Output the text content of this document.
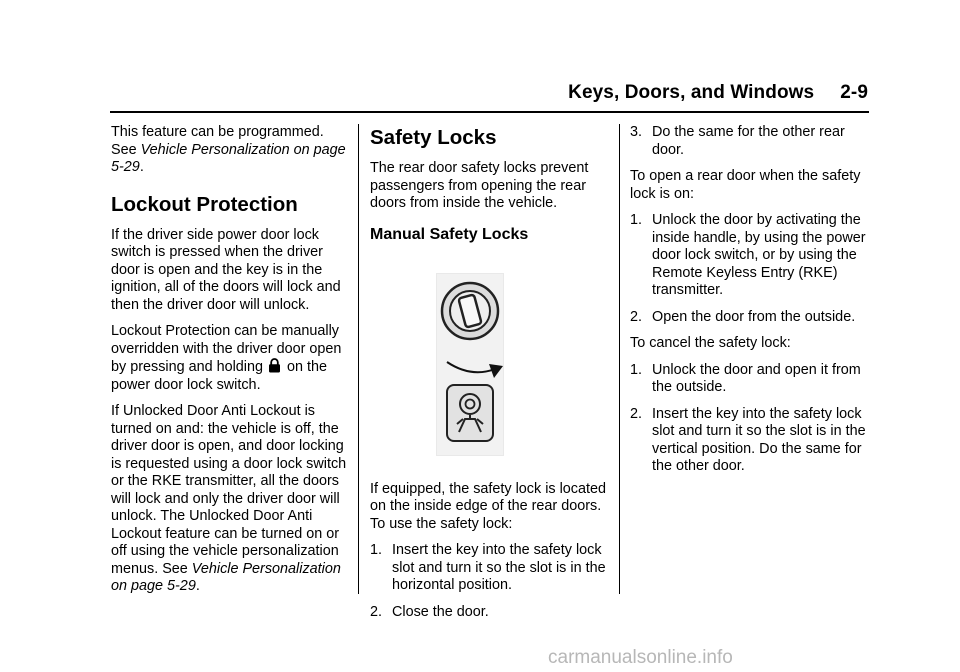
Keys, Doors, and Windows 2-9

This feature can be programmed.
See Vehicle Personalization on page 5-29.

Lockout Protection

If the driver side power door lock switch is pressed when the driver door is open and the key is in the ignition, all of the doors will lock and then the driver door will unlock.

Lockout Protection can be manually overridden with the driver door open by pressing and holding on the power door lock switch.

If Unlocked Door Anti Lockout is turned on and: the vehicle is off, the driver door is open, and door locking is requested using a door lock switch or the RKE transmitter, all the doors will lock and only the driver door will unlock. The Unlocked Door Anti Lockout feature can be turned on or off using the vehicle personalization menus. See Vehicle Personalization on page 5-29.

Safety Locks

The rear door safety locks prevent passengers from opening the rear doors from inside the vehicle.

Manual Safety Locks

If equipped, the safety lock is located on the inside edge of the rear doors. To use the safety lock:

1. Insert the key into the safety lock slot and turn it so the slot is in the horizontal position.
2. Close the door.
3. Do the same for the other rear door.

To open a rear door when the safety lock is on:

1. Unlock the door by activating the inside handle, by using the power door lock switch, or by using the Remote Keyless Entry (RKE) transmitter.
2. Open the door from the outside.

To cancel the safety lock:

1. Unlock the door and open it from the outside.
2. Insert the key into the safety lock slot and turn it so the slot is in the vertical position. Do the same for the other door.
carmanualsonline.info
